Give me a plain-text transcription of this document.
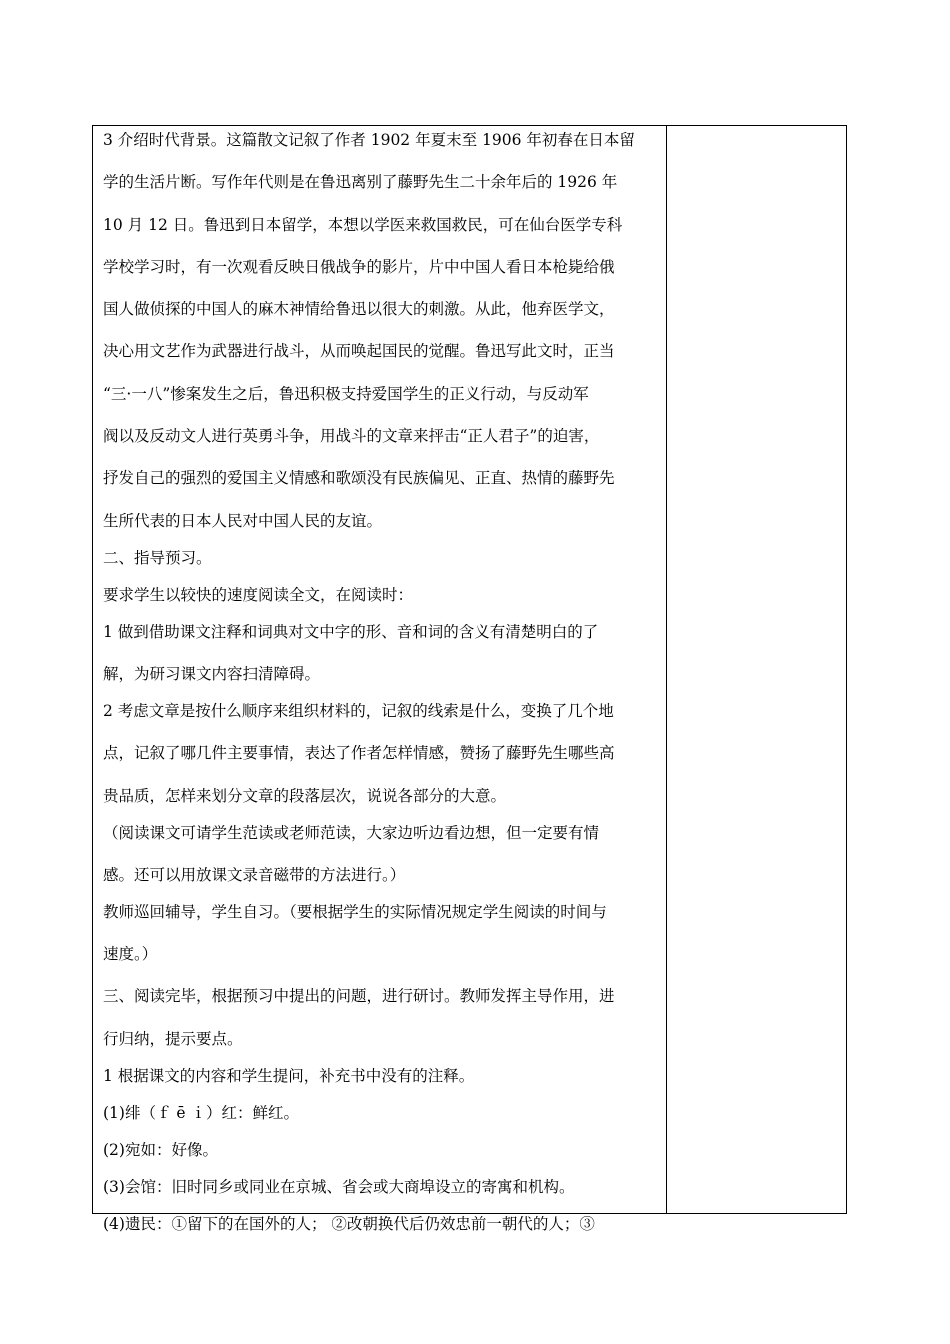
3 介绍时代背景。这篇散文记叙了作者 1902 年夏末至 1906 年初春在日本留
学的生活片断。写作年代则是在鲁迅离别了藤野先生二十余年后的 1926 年
10 月 12 日。鲁迅到日本留学，本想以学医来救国救民，可在仙台医学专科
学校学习时，有一次观看反映日俄战争的影片，片中中国人看日本枪毙给俄
国人做侦探的中国人的麻木神情给鲁迅以很大的刺激。从此，他弃医学文，
决心用文艺作为武器进行战斗，从而唤起国民的觉醒。鲁迅写此文时，正当
“三·一八”惨案发生之后，鲁迅积极支持爱国学生的正义行动，与反动军
阀以及反动文人进行英勇斗争，用战斗的文章来抨击“正人君子”的迫害，
抒发自己的强烈的爱国主义情感和歌颂没有民族偏见、正直、热情的藤野先
生所代表的日本人民对中国人民的友谊。
二、指导预习。
要求学生以较快的速度阅读全文，在阅读时：
1 做到借助课文注释和词典对文中字的形、音和词的含义有清楚明白的了
解，为研习课文内容扫清障碍。
2 考虑文章是按什么顺序来组织材料的，记叙的线索是什么，变换了几个地
点，记叙了哪几件主要事情，表达了作者怎样情感，赞扬了藤野先生哪些高
贵品质，怎样来划分文章的段落层次，说说各部分的大意。
（阅读课文可请学生范读或老师范读，大家边听边看边想，但一定要有情
感。还可以用放课文录音磁带的方法进行。）
教师巡回辅导，学生自习。（要根据学生的实际情况规定学生阅读的时间与
速度。）
三、阅读完毕，根据预习中提出的问题，进行研讨。教师发挥主导作用，进
行归纳，提示要点。
1 根据课文的内容和学生提问，补充书中没有的注释。
(1)绯（ｆ ē ｉ）红：鲜红。
(2)宛如：好像。
(3)会馆：旧时同乡或同业在京城、省会或大商埠设立的寄寓和机构。
(4)遗民：①留下的在国外的人； ②改朝换代后仍效忠前一朝代的人；③
